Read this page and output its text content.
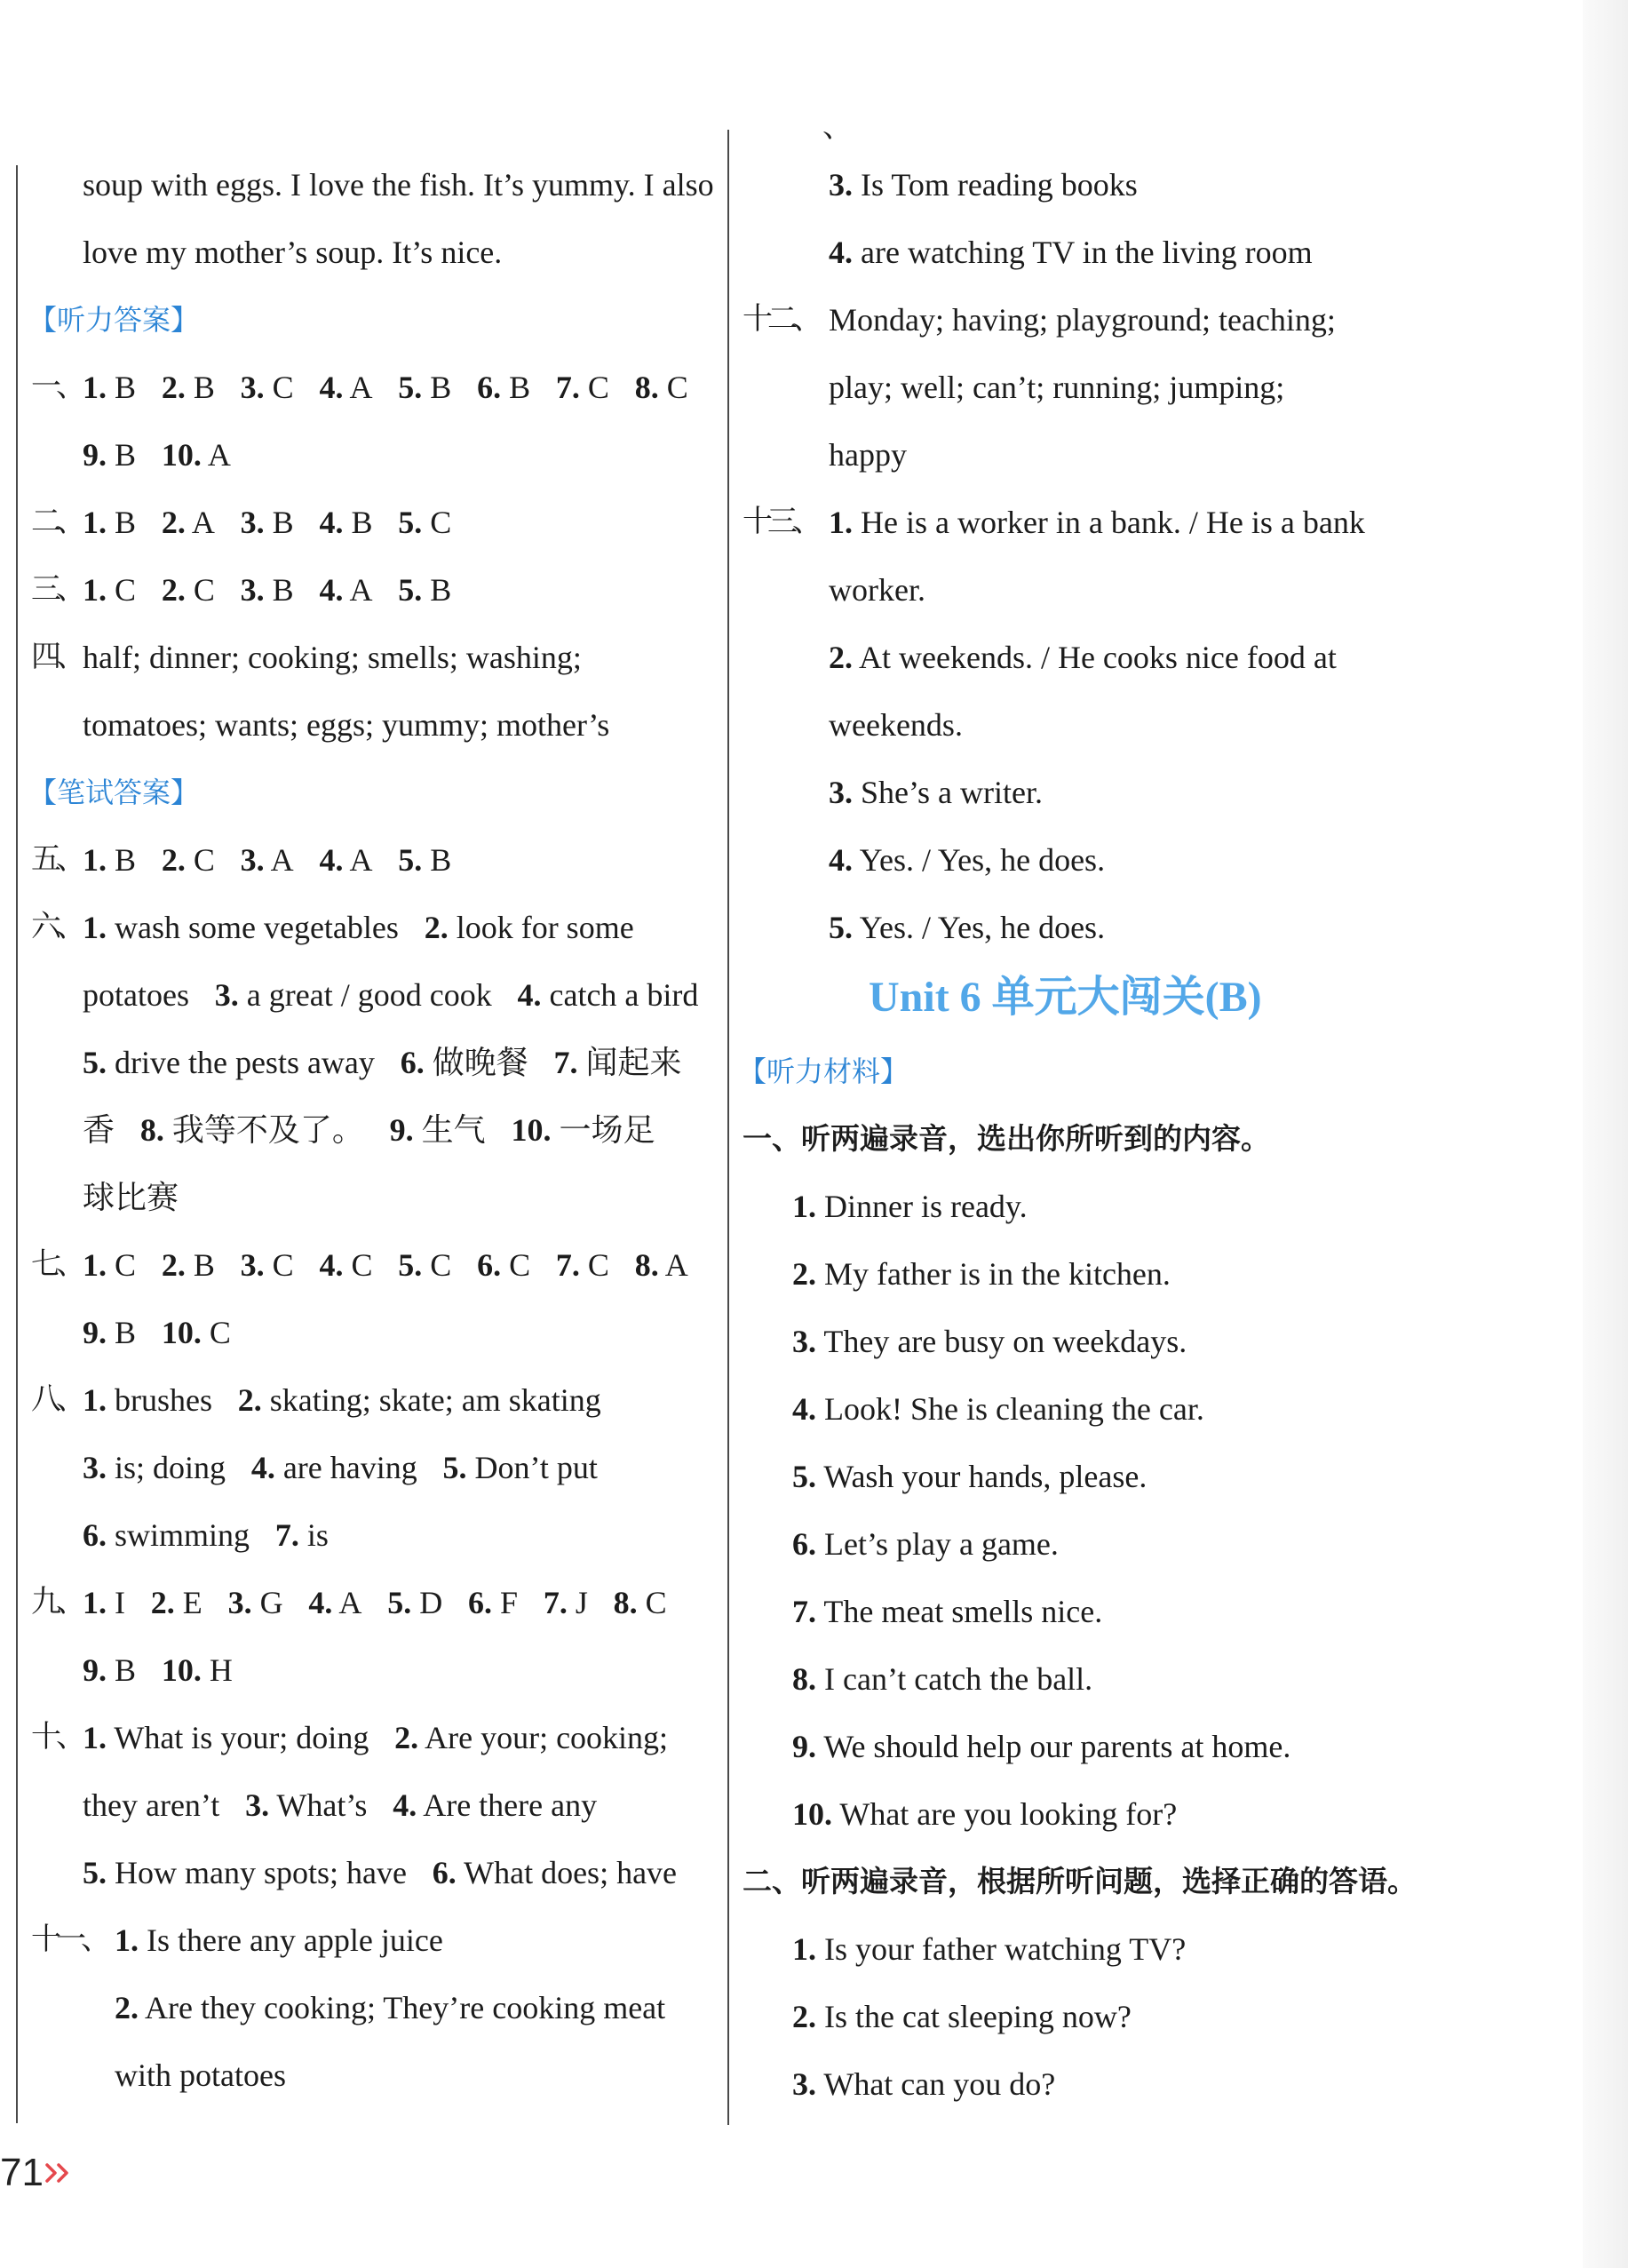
soup with eggs. I love the fish. It’s yummy. I also
love my mother’s soup. It’s nice.
【听力答案】
一、 1. B 2. B 3. C 4. A 5. B 6. B 7. C 8. C
9. B 10. A
二、 1. B 2. A 3. B 4. B 5. C
三、 1. C 2. C 3. B 4. A 5. B
四、 half; dinner; cooking; smells; washing;
tomatoes; wants; eggs; yummy; mother’s
【笔试答案】
五、 1. B 2. C 3. A 4. A 5. B
六、 1. wash some vegetables 2. look for some
potatoes 3. a great / good cook 4. catch a bird
5. drive the pests away 6. 做晚餐 7. 闻起来
香 8. 我等不及了。 9. 生气 10. 一场足
球比赛
七、 1. C 2. B 3. C 4. C 5. C 6. C 7. C 8. A
9. B 10. C
八、 1. brushes 2. skating; skate; am skating
3. is; doing 4. are having 5. Don’t put
6. swimming 7. is
九、 1. I 2. E 3. G 4. A 5. D 6. F 7. J 8. C
9. B 10. H
十、 1. What is your; doing 2. Are your; cooking;
they aren’t 3. What’s 4. Are there any
5. How many spots; have 6. What does; have
十一、 1. Is there any apple juice
2. Are they cooking; They’re cooking meat
with potatoes
、
3. Is Tom reading books
4. are watching TV in the living room
十二、 Monday; having; playground; teaching;
play; well; can’t; running; jumping;
happy
十三、 1. He is a worker in a bank. / He is a bank
worker.
2. At weekends. / He cooks nice food at
weekends.
3. She’s a writer.
4. Yes. / Yes, he does.
5. Yes. / Yes, he does.
Unit 6 单元大闯关(B)
【听力材料】
一、听两遍录音，选出你所听到的内容。
1. Dinner is ready.
2. My father is in the kitchen.
3. They are busy on weekdays.
4. Look! She is cleaning the car.
5. Wash your hands, please.
6. Let’s play a game.
7. The meat smells nice.
8. I can’t catch the ball.
9. We should help our parents at home.
10. What are you looking for?
二、听两遍录音，根据所听问题，选择正确的答语。
1. Is your father watching TV?
2. Is the cat sleeping now?
3. What can you do?
71
